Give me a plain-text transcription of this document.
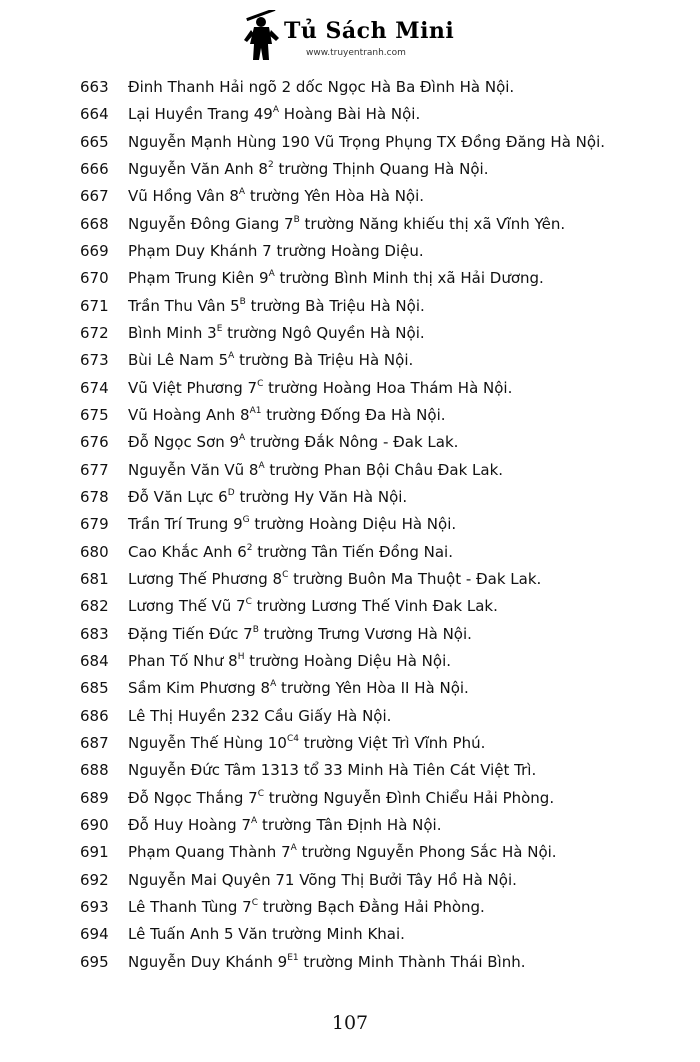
Tủ Sách Mini
www.truyentranh.com
663	Đinh Thanh Hải ngõ 2 dốc Ngọc Hà Ba Đình Hà Nội.
664	Lại Huyền Trang $49^A$ Hoàng Bài Hà Nội.
665	Nguyễn Mạnh Hùng 190 Vũ Trọng Phụng TX Đồng Đăng Hà Nội.
666	Nguyễn Văn Anh $8^2$ trường Thịnh Quang Hà Nội.
667	Vũ Hồng Vân $8^A$ trường Yên Hòa Hà Nội.
668	Nguyễn Đông Giang $7^B$ trường Năng khiếu thị xã Vĩnh Yên.
669	Phạm Duy Khánh 7 trường Hoàng Diệu.
670	Phạm Trung Kiên $9^A$ trường Bình Minh thị xã Hải Dương.
671	Trần Thu Vân $5^B$ trường Bà Triệu Hà Nội.
672	Bình Minh $3^E$ trường Ngô Quyền Hà Nội.
673	Bùi Lê Nam $5^A$ trường Bà Triệu Hà Nội.
674	Vũ Việt Phương $7^C$ trường Hoàng Hoa Thám Hà Nội.
675	Vũ Hoàng Anh $8^{A1}$ trường Đống Đa Hà Nội.
676	Đỗ Ngọc Sơn $9^A$ trường Đắk Nông - Đak Lak.
677	Nguyễn Văn Vũ $8^A$ trường Phan Bội Châu Đak Lak.
678	Đỗ Văn Lực $6^D$ trường Hy Văn Hà Nội.
679	Trần Trí Trung $9^G$ trường Hoàng Diệu Hà Nội.
680	Cao Khắc Anh $6^2$ trường Tân Tiến Đồng Nai.
681	Lương Thế Phương $8^C$ trường Buôn Ma Thuột - Đak Lak.
682	Lương Thế Vũ $7^C$ trường Lương Thế Vinh Đak Lak.
683	Đặng Tiến Đức $7^B$ trường Trưng Vương Hà Nội.
684	Phan Tố Như $8^H$ trường Hoàng Diệu Hà Nội.
685	Sầm Kim Phương $8^A$ trường Yên Hòa II Hà Nội.
686	Lê Thị Huyền 232 Cầu Giấy Hà Nội.
687	Nguyễn Thế Hùng $10^{C4}$ trường Việt Trì Vĩnh Phú.
688	Nguyễn Đức Tâm 1313 tổ 33 Minh Hà Tiên Cát Việt Trì.
689	Đỗ Ngọc Thắng $7^C$ trường Nguyễn Đình Chiểu Hải Phòng.
690	Đỗ Huy Hoàng $7^A$ trường Tân Định Hà Nội.
691	Phạm Quang Thành $7^A$ trường Nguyễn Phong Sắc Hà Nội.
692	Nguyễn Mai Quyên 71 Võng Thị Bưởi Tây Hồ Hà Nội.
693	Lê Thanh Tùng $7^C$ trường Bạch Đằng Hải Phòng.
694	Lê Tuấn Anh 5 Văn trường Minh Khai.
695	Nguyễn Duy Khánh $9^{E1}$ trường Minh Thành Thái Bình.
107
